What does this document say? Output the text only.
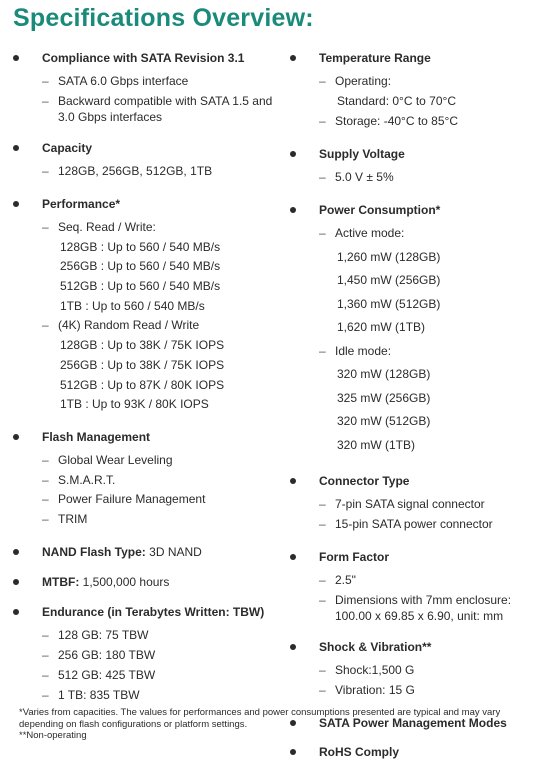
Specifications Overview:
Compliance with SATA Revision 3.1
– SATA 6.0 Gbps interface
– Backward compatible with SATA 1.5 and 3.0 Gbps interfaces
Capacity
– 128GB, 256GB, 512GB, 1TB
Performance*
– Seq. Read / Write:
128GB : Up to 560 / 540 MB/s
256GB : Up to 560 / 540 MB/s
512GB : Up to 560 / 540 MB/s
1TB : Up to 560 / 540 MB/s
– (4K) Random Read / Write
128GB : Up to 38K / 75K IOPS
256GB : Up to 38K / 75K IOPS
512GB : Up to 87K / 80K IOPS
1TB : Up to 93K / 80K IOPS
Flash Management
– Global Wear Leveling
– S.M.A.R.T.
– Power Failure Management
– TRIM
NAND Flash Type: 3D NAND
MTBF: 1,500,000 hours
Endurance (in Terabytes Written: TBW)
– 128 GB: 75 TBW
– 256 GB: 180 TBW
– 512 GB: 425 TBW
– 1 TB: 835 TBW
Temperature Range
– Operating:
Standard: 0°C to 70°C
– Storage: -40°C to 85°C
Supply Voltage
– 5.0 V ± 5%
Power Consumption*
– Active mode:
1,260 mW (128GB)
1,450 mW (256GB)
1,360 mW (512GB)
1,620 mW (1TB)
– Idle mode:
320 mW (128GB)
325 mW (256GB)
320 mW (512GB)
320 mW (1TB)
Connector Type
– 7-pin SATA signal connector
– 15-pin SATA power connector
Form Factor
– 2.5"
– Dimensions with 7mm enclosure: 100.00 x 69.85 x 6.90, unit: mm
Shock & Vibration**
– Shock:1,500 G
– Vibration: 15 G
SATA Power Management Modes
RoHS Comply
*Varies from capacities. The values for performances and power consumptions presented are typical and may vary depending on flash configurations or platform settings.
**Non-operating
